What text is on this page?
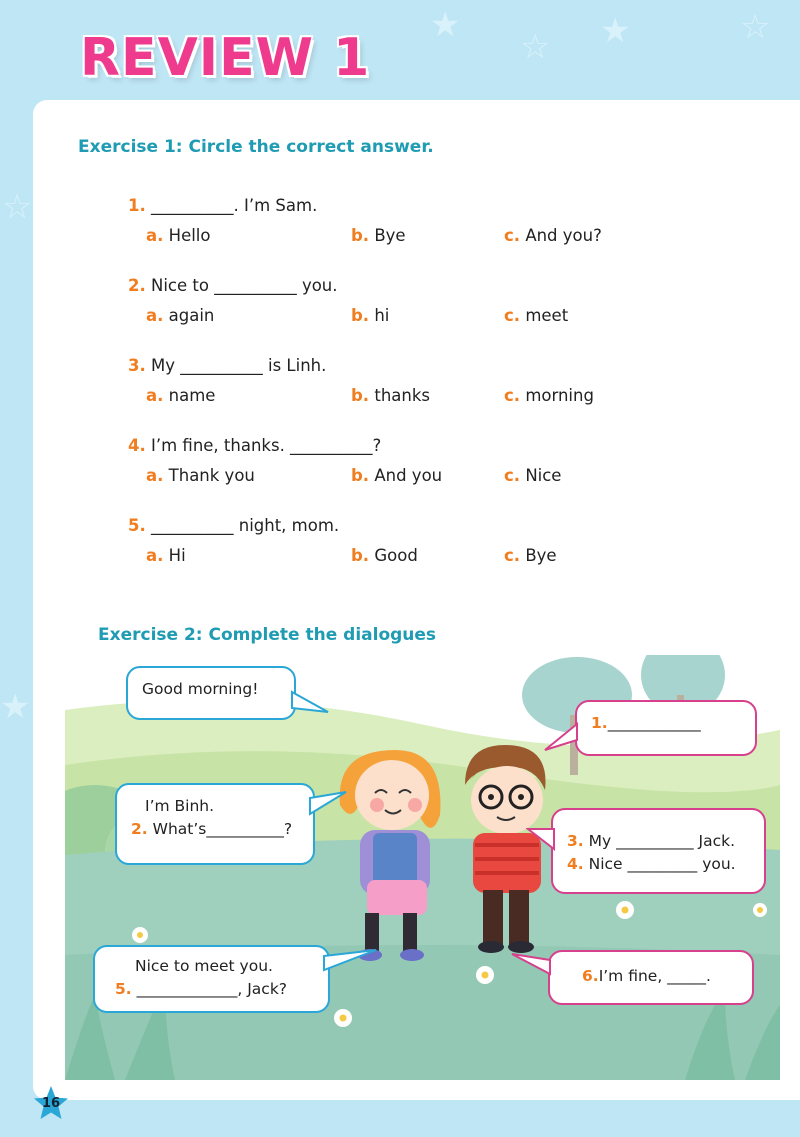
★
☆ ★	☆
☆
★
REVIEW 1
Exercise 1: Circle the correct answer.
1. __________. I’m Sam.
a. Hello	b. Bye	c. And you?
2. Nice to __________ you.
a. again	b. hi	c. meet
3. My __________ is Linh.
a. name	b. thanks	c. morning
4. I’m fine, thanks. __________?
a. Thank you	b. And you	c. Nice
5. __________ night, mom.
a. Hi	b. Good	c. Bye
Exercise 2: Complete the dialogues
Good morning!
1.____________
I’m Binh.
2. What’s__________?
3. My __________ Jack.
4. Nice _________ you.
Nice to meet you.
5. _____________, Jack?
6.I’m fine, _____.
16
